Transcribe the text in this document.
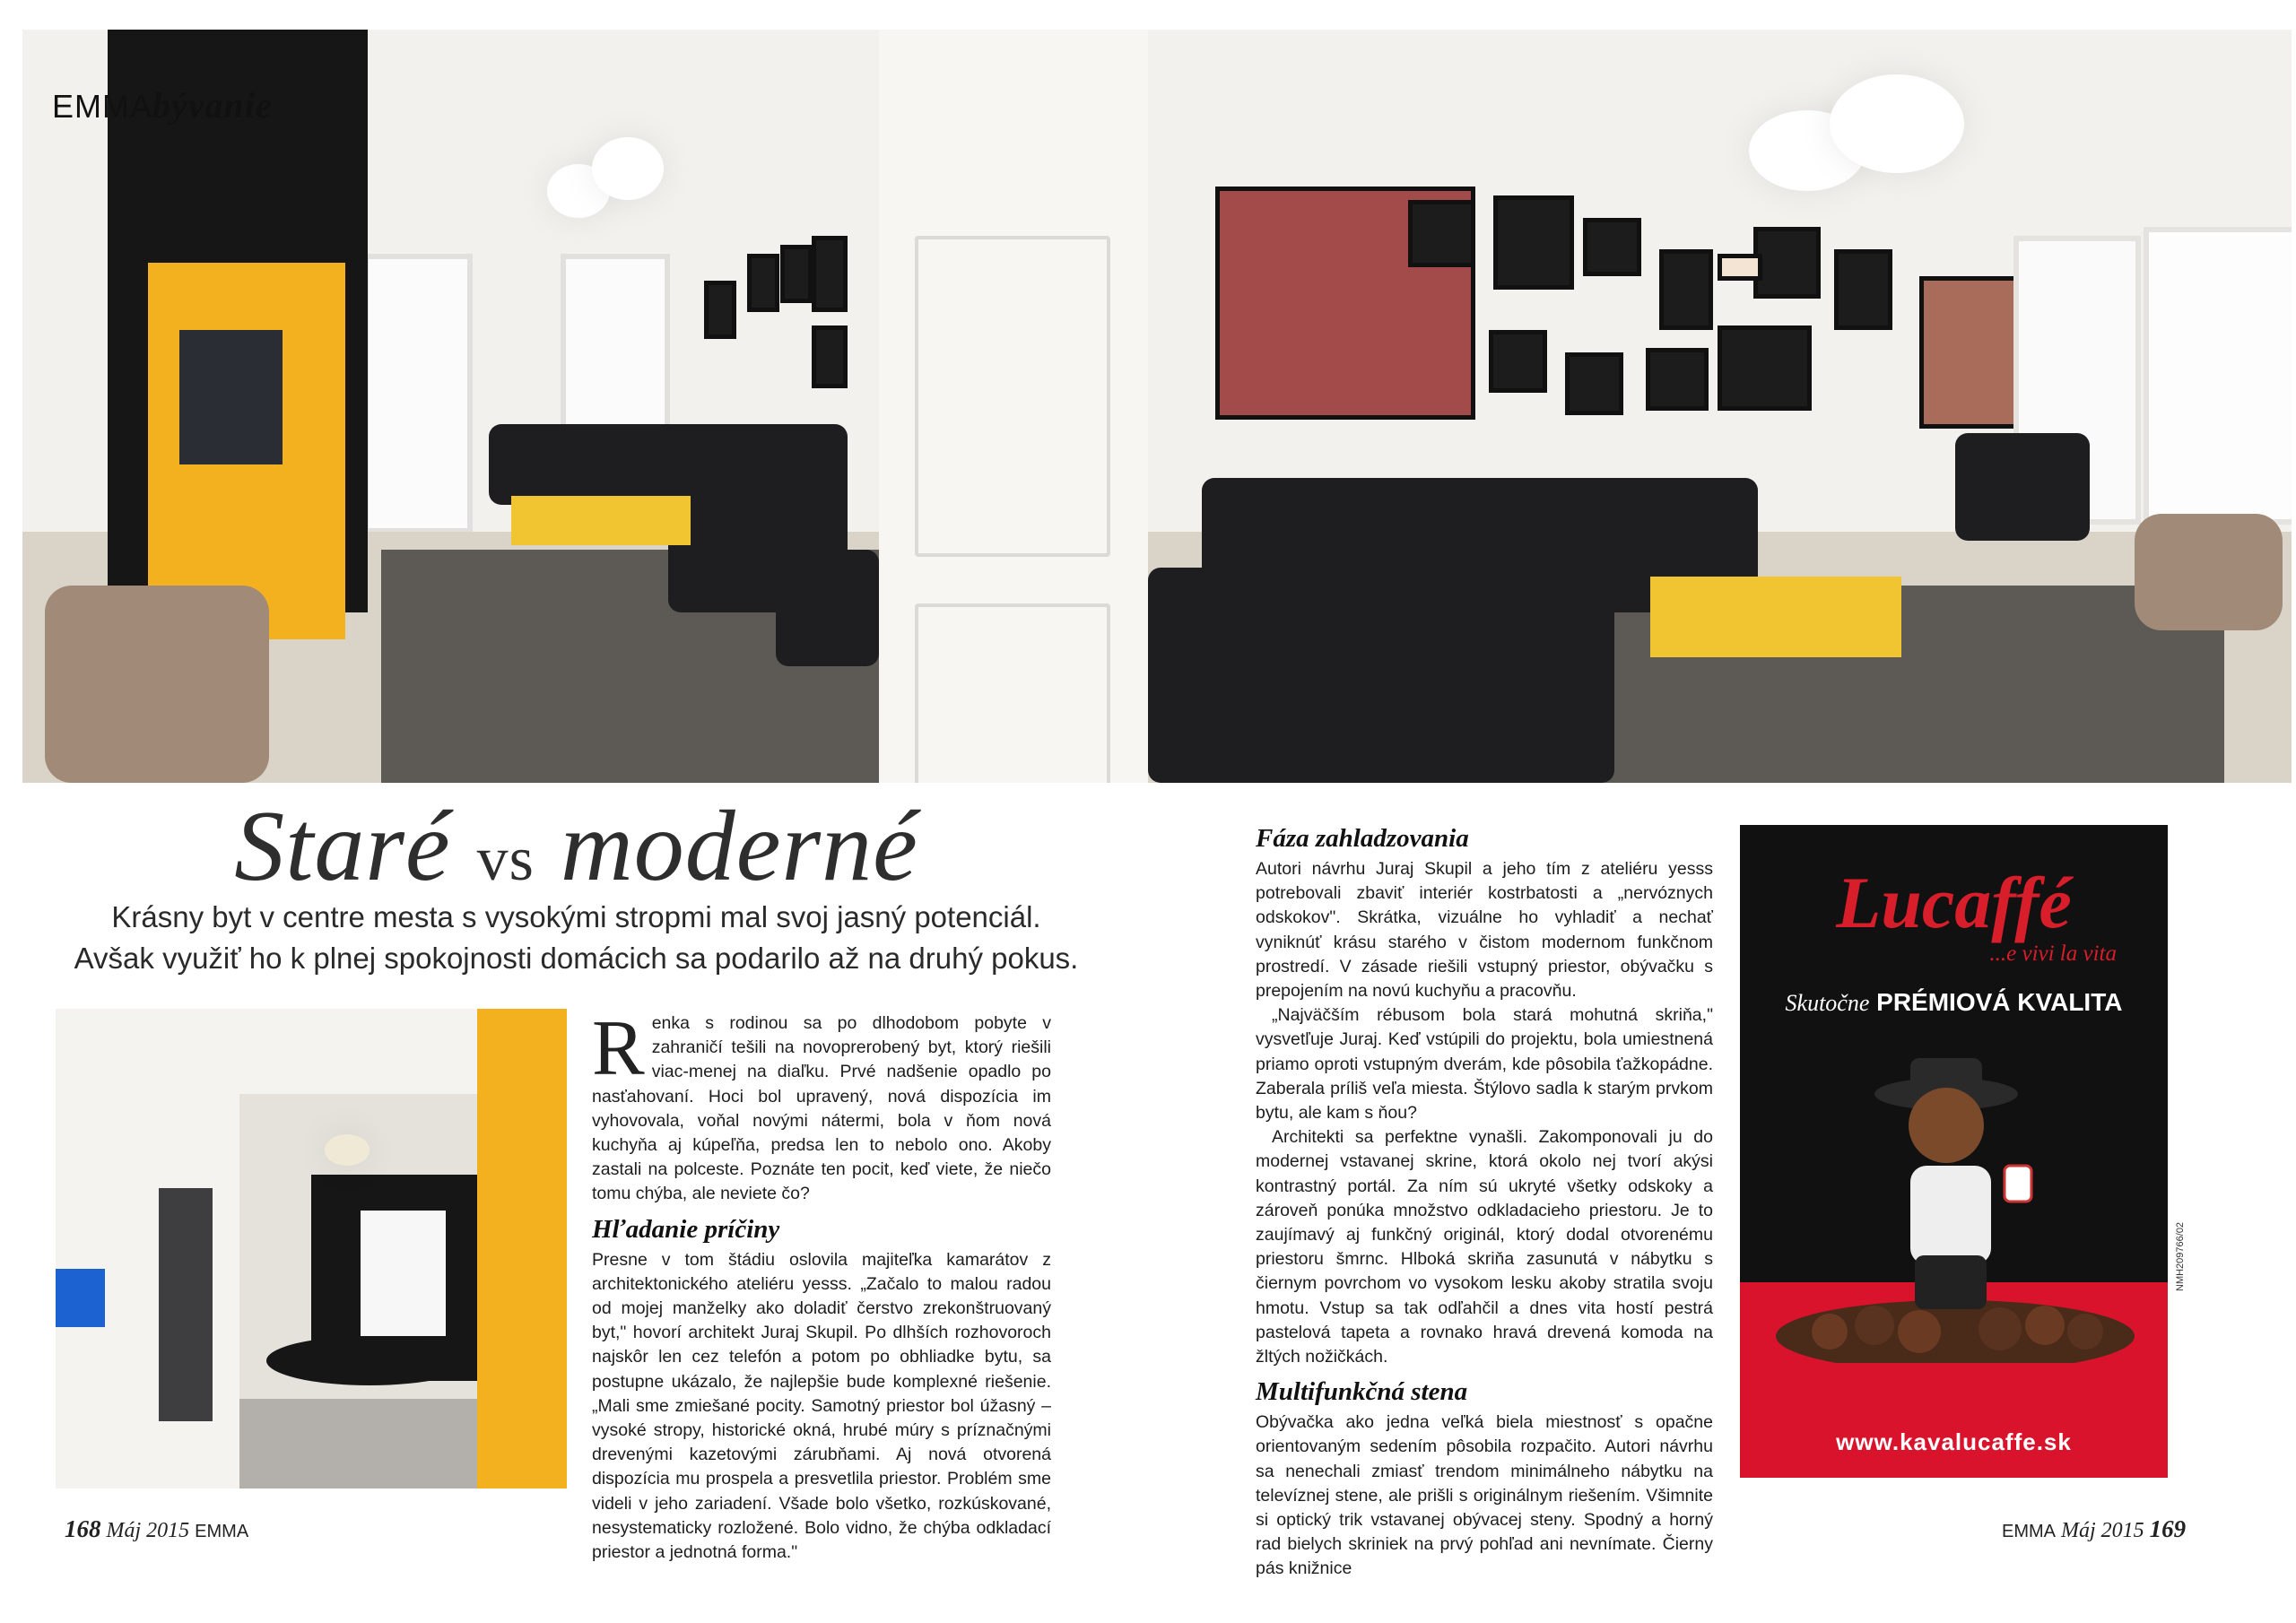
EMMAbývanie
Staré vs moderné
Krásny byt v centre mesta s vysokými stropmi mal svoj jasný potenciál.
Avšak využiť ho k plnej spokojnosti domácich sa podarilo až na druhý pokus.

Renka s rodinou sa po dlhodobom pobyte v zahraničí tešili na novoprerobený byt, ktorý riešili viac-menej na diaľku. Prvé nadšenie opadlo po nasťahovaní. Hoci bol upravený, nová dispozícia im vyhovovala, voňal novými nátermi, bola v ňom nová kuchyňa aj kúpeľňa, predsa len to nebolo ono. Akoby zastali na polceste. Poznáte ten pocit, keď viete, že niečo tomu chýba, ale neviete čo?

Hľadanie príčiny

Presne v tom štádiu oslovila majiteľka kamarátov z architektonického ateliéru yesss. „Začalo to malou radou od mojej manželky ako doladiť čerstvo zrekonštruovaný byt," hovorí architekt Juraj Skupil. Po dlhších rozhovoroch najskôr len cez telefón a potom po obhliadke bytu, sa postupne ukázalo, že najlepšie bude komplexné riešenie. „Mali sme zmiešané pocity. Samotný priestor bol úžasný – vysoké stropy, historické okná, hrubé múry s príznačnými drevenými kazetovými zárubňami. Aj nová otvorená dispozícia mu prospela a presvetlila priestor. Problém sme videli v jeho zariadení. Všade bolo všetko, rozkúskované, nesystematicky rozložené. Bolo vidno, že chýba odkladací priestor a jednotná forma."

Fáza zahladzovania

Autori návrhu Juraj Skupil a jeho tím z ateliéru yesss potrebovali zbaviť interiér kostrbatosti a „nervóznych odskokov". Skrátka, vizuálne ho vyhladiť a nechať vyniknúť krásu starého v čistom modernom funkčnom prostredí. V zásade riešili vstupný priestor, obývačku s prepojením na novú kuchyňu a pracovňu.

„Najväčším rébusom bola stará mohutná skriňa," vysvetľuje Juraj. Keď vstúpili do projektu, bola umiestnená priamo oproti vstupným dverám, kde pôsobila ťažkopádne. Zaberala príliš veľa miesta. Štýlovo sadla k starým prvkom bytu, ale kam s ňou?

Architekti sa perfektne vynašli. Zakomponovali ju do modernej vstavanej skrine, ktorá okolo nej tvorí akýsi kontrastný portál. Za ním sú ukryté všetky odskoky a zároveň ponúka množstvo odkladacieho priestoru. Je to zaujímavý aj funkčný originál, ktorý dodal otvorenému priestoru šmrnc. Hlboká skriňa zasunutá v nábytku s čiernym povrchom vo vysokom lesku akoby stratila svoju hmotu. Vstup sa tak odľahčil a dnes vita hostí pestrá pastelová tapeta a rovnako hravá drevená komoda na žltých nožičkách.

Multifunkčná stena

Obývačka ako jedna veľká biela miestnosť s opačne orientovaným sedením pôsobila rozpačito. Autori návrhu sa nenechali zmiasť trendom minimálneho nábytku na televíznej stene, ale prišli s originálnym riešením. Všimnite si optický trik vstavanej obývacej steny. Spodný a horný rad bielych skriniek na prvý pohľad ani nevnímate. Čierny pás knižnice

Lucaffé
...e vivi la vita
Skutočne PRÉMIOVÁ KVALITA
www.kavalucaffe.sk
NMH209766/02
168 Máj 2015 EMMA	EMMA Máj 2015 169
